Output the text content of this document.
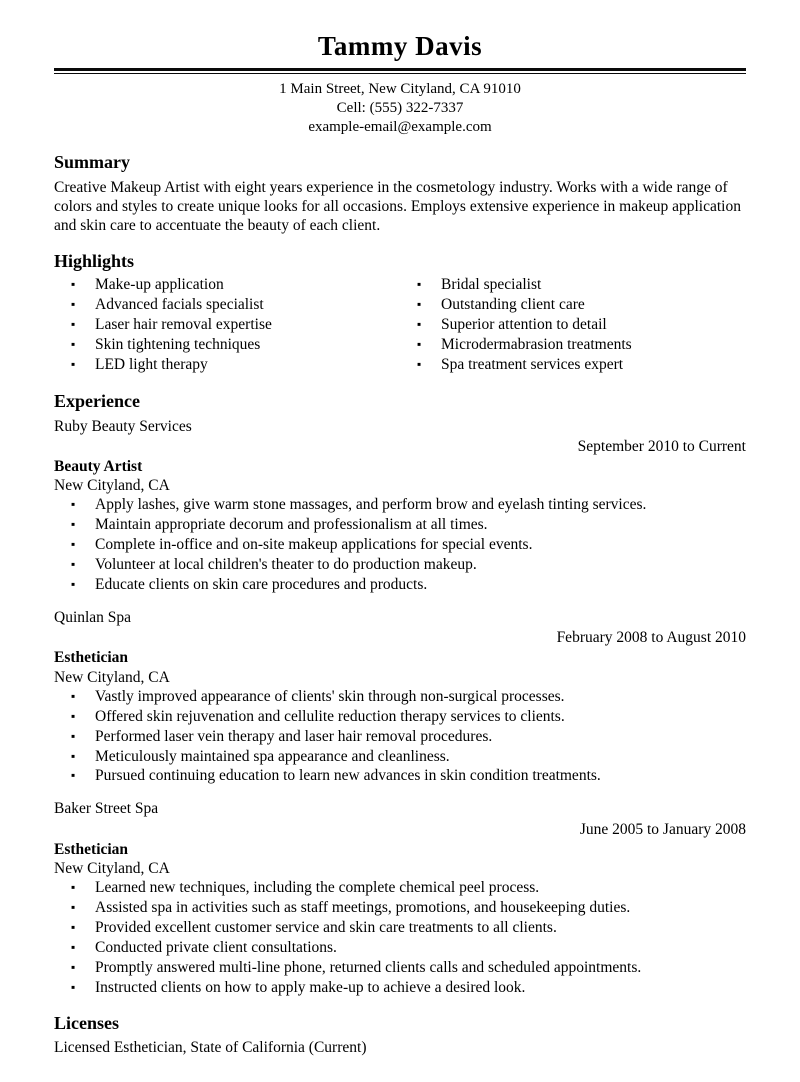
Tammy Davis
1 Main Street, New Cityland, CA 91010
Cell: (555) 322-7337
example-email@example.com
Summary

Creative Makeup Artist with eight years experience in the cosmetology industry. Works with a wide range of colors and styles to create unique looks for all occasions. Employs extensive experience in makeup application and skin care to accentuate the beauty of each client.

Highlights
▪ Make-up application
▪ Advanced facials specialist
▪ Laser hair removal expertise
▪ Skin tightening techniques
▪ LED light therapy
▪ Bridal specialist
▪ Outstanding client care
▪ Superior attention to detail
▪ Microdermabrasion treatments
▪ Spa treatment services expert
Experience
Ruby Beauty Services
September 2010 to Current
Beauty Artist
New Cityland, CA
▪ Apply lashes, give warm stone massages, and perform brow and eyelash tinting services.
▪ Maintain appropriate decorum and professionalism at all times.
▪ Complete in-office and on-site makeup applications for special events.
▪ Volunteer at local children's theater to do production makeup.
▪ Educate clients on skin care procedures and products.
Quinlan Spa
February 2008 to August 2010
Esthetician
New Cityland, CA
▪ Vastly improved appearance of clients' skin through non-surgical processes.
▪ Offered skin rejuvenation and cellulite reduction therapy services to clients.
▪ Performed laser vein therapy and laser hair removal procedures.
▪ Meticulously maintained spa appearance and cleanliness.
▪ Pursued continuing education to learn new advances in skin condition treatments.
Baker Street Spa
June 2005 to January 2008
Esthetician
New Cityland, CA
▪ Learned new techniques, including the complete chemical peel process.
▪ Assisted spa in activities such as staff meetings, promotions, and housekeeping duties.
▪ Provided excellent customer service and skin care treatments to all clients.
▪ Conducted private client consultations.
▪ Promptly answered multi-line phone, returned clients calls and scheduled appointments.
▪ Instructed clients on how to apply make-up to achieve a desired look.
Licenses

Licensed Esthetician, State of California (Current)
